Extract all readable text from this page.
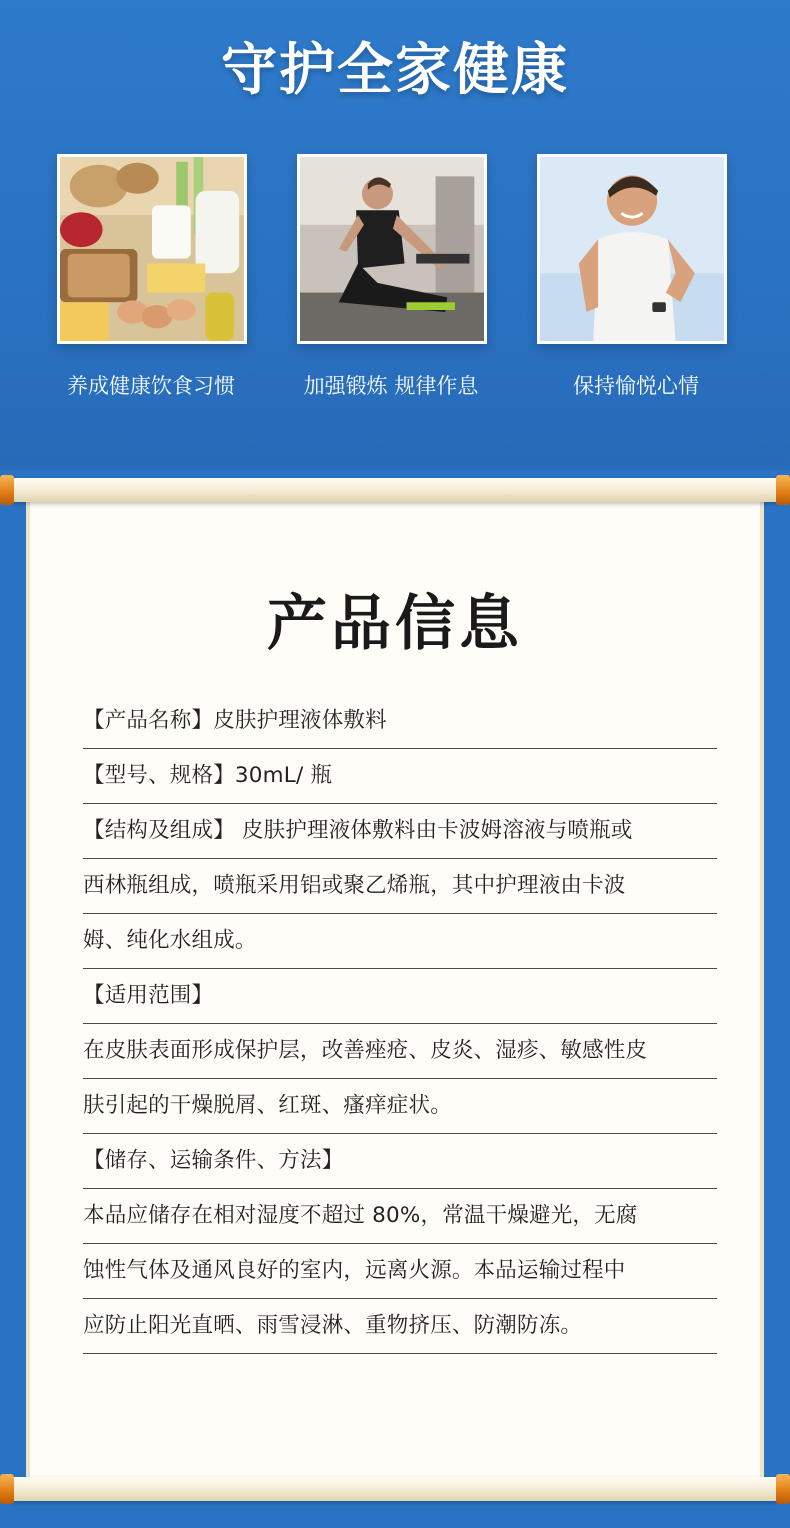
守护全家健康
养成健康饮食习惯	加强锻炼 规律作息	保持愉悦心情
产品信息
【产品名称】皮肤护理液体敷料
【型号、规格】30mL/ 瓶
【结构及组成】 皮肤护理液体敷料由卡波姆溶液与喷瓶或
西林瓶组成，喷瓶采用铝或聚乙烯瓶，其中护理液由卡波
姆、纯化水组成。
【适用范围】
在皮肤表面形成保护层，改善痤疮、皮炎、湿疹、敏感性皮
肤引起的干燥脱屑、红斑、瘙痒症状。
【储存、运输条件、方法】
本品应储存在相对湿度不超过 80%，常温干燥避光，无腐
蚀性气体及通风良好的室内，远离火源。本品运输过程中
应防止阳光直晒、雨雪浸淋、重物挤压、防潮防冻。
